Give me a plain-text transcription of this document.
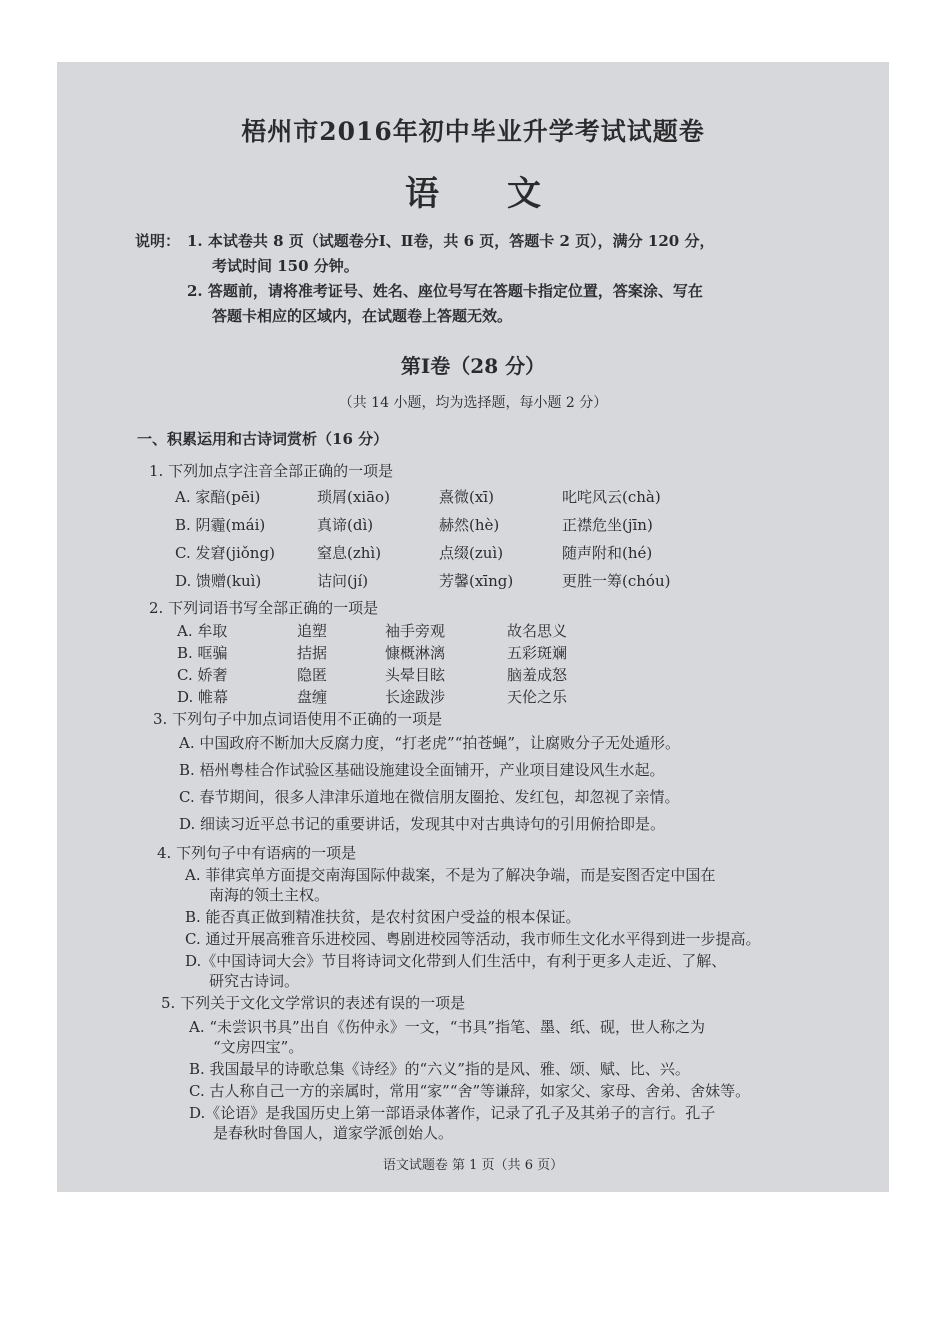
梧州市2016年初中毕业升学考试试题卷
语　　文
说明： 1. 本试卷共 8 页（试题卷分Ⅰ、Ⅱ卷，共 6 页，答题卡 2 页），满分 120 分，
考试时间 150 分钟。
2. 答题前，请将准考证号、姓名、座位号写在答题卡指定位置，答案涂、写在
答题卡相应的区域内，在试题卷上答题无效。
第Ⅰ卷（28 分）
（共 14 小题，均为选择题，每小题 2 分）
一、积累运用和古诗词赏析（16 分）
1. 下列加点字注音全部正确的一项是
A. 家醅(pēi)	琐屑(xiāo)	熹微(xī)	叱咤风云(chà)
B. 阴霾(mái)	真谛(dì)	赫然(hè)	正襟危坐(jīn)
C. 发窘(jiǒng)	窒息(zhì)	点缀(zuì)	随声附和(hé)
D. 馈赠(kuì)	诘问(jí)	芳馨(xīng)	更胜一筹(chóu)
2. 下列词语书写全部正确的一项是
A. 牟取	追塑	袖手旁观	故名思义
B. 哐骗	拮据	慷概淋漓	五彩斑斓
C. 娇奢	隐匿	头晕目眩	脑羞成怒
D. 帷幕	盘缠	长途跋涉	天伦之乐
3. 下列句子中加点词语使用不正确的一项是
A. 中国政府不断加大反腐力度，“打老虎”“拍苍蝇”，让腐败分子无处遁形。
B. 梧州粤桂合作试验区基础设施建设全面铺开，产业项目建设风生水起。
C. 春节期间，很多人津津乐道地在微信朋友圈抢、发红包，却忽视了亲情。
D. 细读习近平总书记的重要讲话，发现其中对古典诗句的引用俯拾即是。
4. 下列句子中有语病的一项是
A. 菲律宾单方面提交南海国际仲裁案，不是为了解决争端，而是妄图否定中国在
南海的领土主权。
B. 能否真正做到精准扶贫，是农村贫困户受益的根本保证。
C. 通过开展高雅音乐进校园、粤剧进校园等活动，我市师生文化水平得到进一步提高。
D.《中国诗词大会》节目将诗词文化带到人们生活中，有利于更多人走近、了解、
研究古诗词。
5. 下列关于文化文学常识的表述有误的一项是
A. “未尝识书具”出自《伤仲永》一文，“书具”指笔、墨、纸、砚，世人称之为
“文房四宝”。
B. 我国最早的诗歌总集《诗经》的“六义”指的是风、雅、颂、赋、比、兴。
C. 古人称自己一方的亲属时，常用“家”“舍”等谦辞，如家父、家母、舍弟、舍妹等。
D.《论语》是我国历史上第一部语录体著作，记录了孔子及其弟子的言行。孔子
是春秋时鲁国人，道家学派创始人。
语文试题卷 第 1 页（共 6 页）
